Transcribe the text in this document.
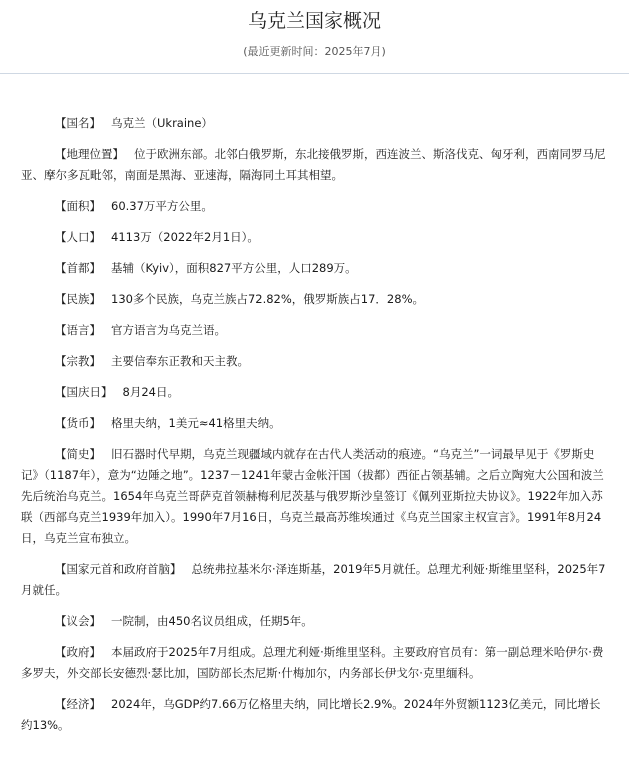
乌克兰国家概况
(最近更新时间：2025年7月)

【国名】 乌克兰（Ukraine）

【地理位置】 位于欧洲东部。北邻白俄罗斯，东北接俄罗斯，西连波兰、斯洛伐克、匈牙利，西南同罗马尼亚、摩尔多瓦毗邻，南面是黑海、亚速海，隔海同土耳其相望。

【面积】 60.37万平方公里。

【人口】 4113万（2022年2月1日）。

【首都】 基辅（Kyiv），面积827平方公里，人口289万。

【民族】 130多个民族，乌克兰族占72.82%，俄罗斯族占17．28%。

【语言】 官方语言为乌克兰语。

【宗教】 主要信奉东正教和天主教。

【国庆日】 8月24日。

【货币】 格里夫纳，1美元≈41格里夫纳。

【简史】 旧石器时代早期，乌克兰现疆域内就存在古代人类活动的痕迹。“乌克兰”一词最早见于《罗斯史记》（1187年），意为“边陲之地”。1237－1241年蒙古金帐汗国（拔都）西征占领基辅。之后立陶宛大公国和波兰先后统治乌克兰。1654年乌克兰哥萨克首领赫梅利尼茨基与俄罗斯沙皇签订《佩列亚斯拉夫协议》。1922年加入苏联（西部乌克兰1939年加入）。1990年7月16日，乌克兰最高苏维埃通过《乌克兰国家主权宣言》。1991年8月24日，乌克兰宣布独立。

【国家元首和政府首脑】 总统弗拉基米尔·泽连斯基，2019年5月就任。总理尤利娅·斯维里坚科，2025年7月就任。

【议会】 一院制，由450名议员组成，任期5年。

【政府】 本届政府于2025年7月组成。总理尤利娅·斯维里坚科。主要政府官员有：第一副总理米哈伊尔·费多罗夫，外交部长安德烈·瑟比加，国防部长杰尼斯·什梅加尔，内务部长伊戈尔·克里缅科。

【经济】 2024年，乌GDP约7.66万亿格里夫纳，同比增长2.9%。2024年外贸额1123亿美元，同比增长约13%。
